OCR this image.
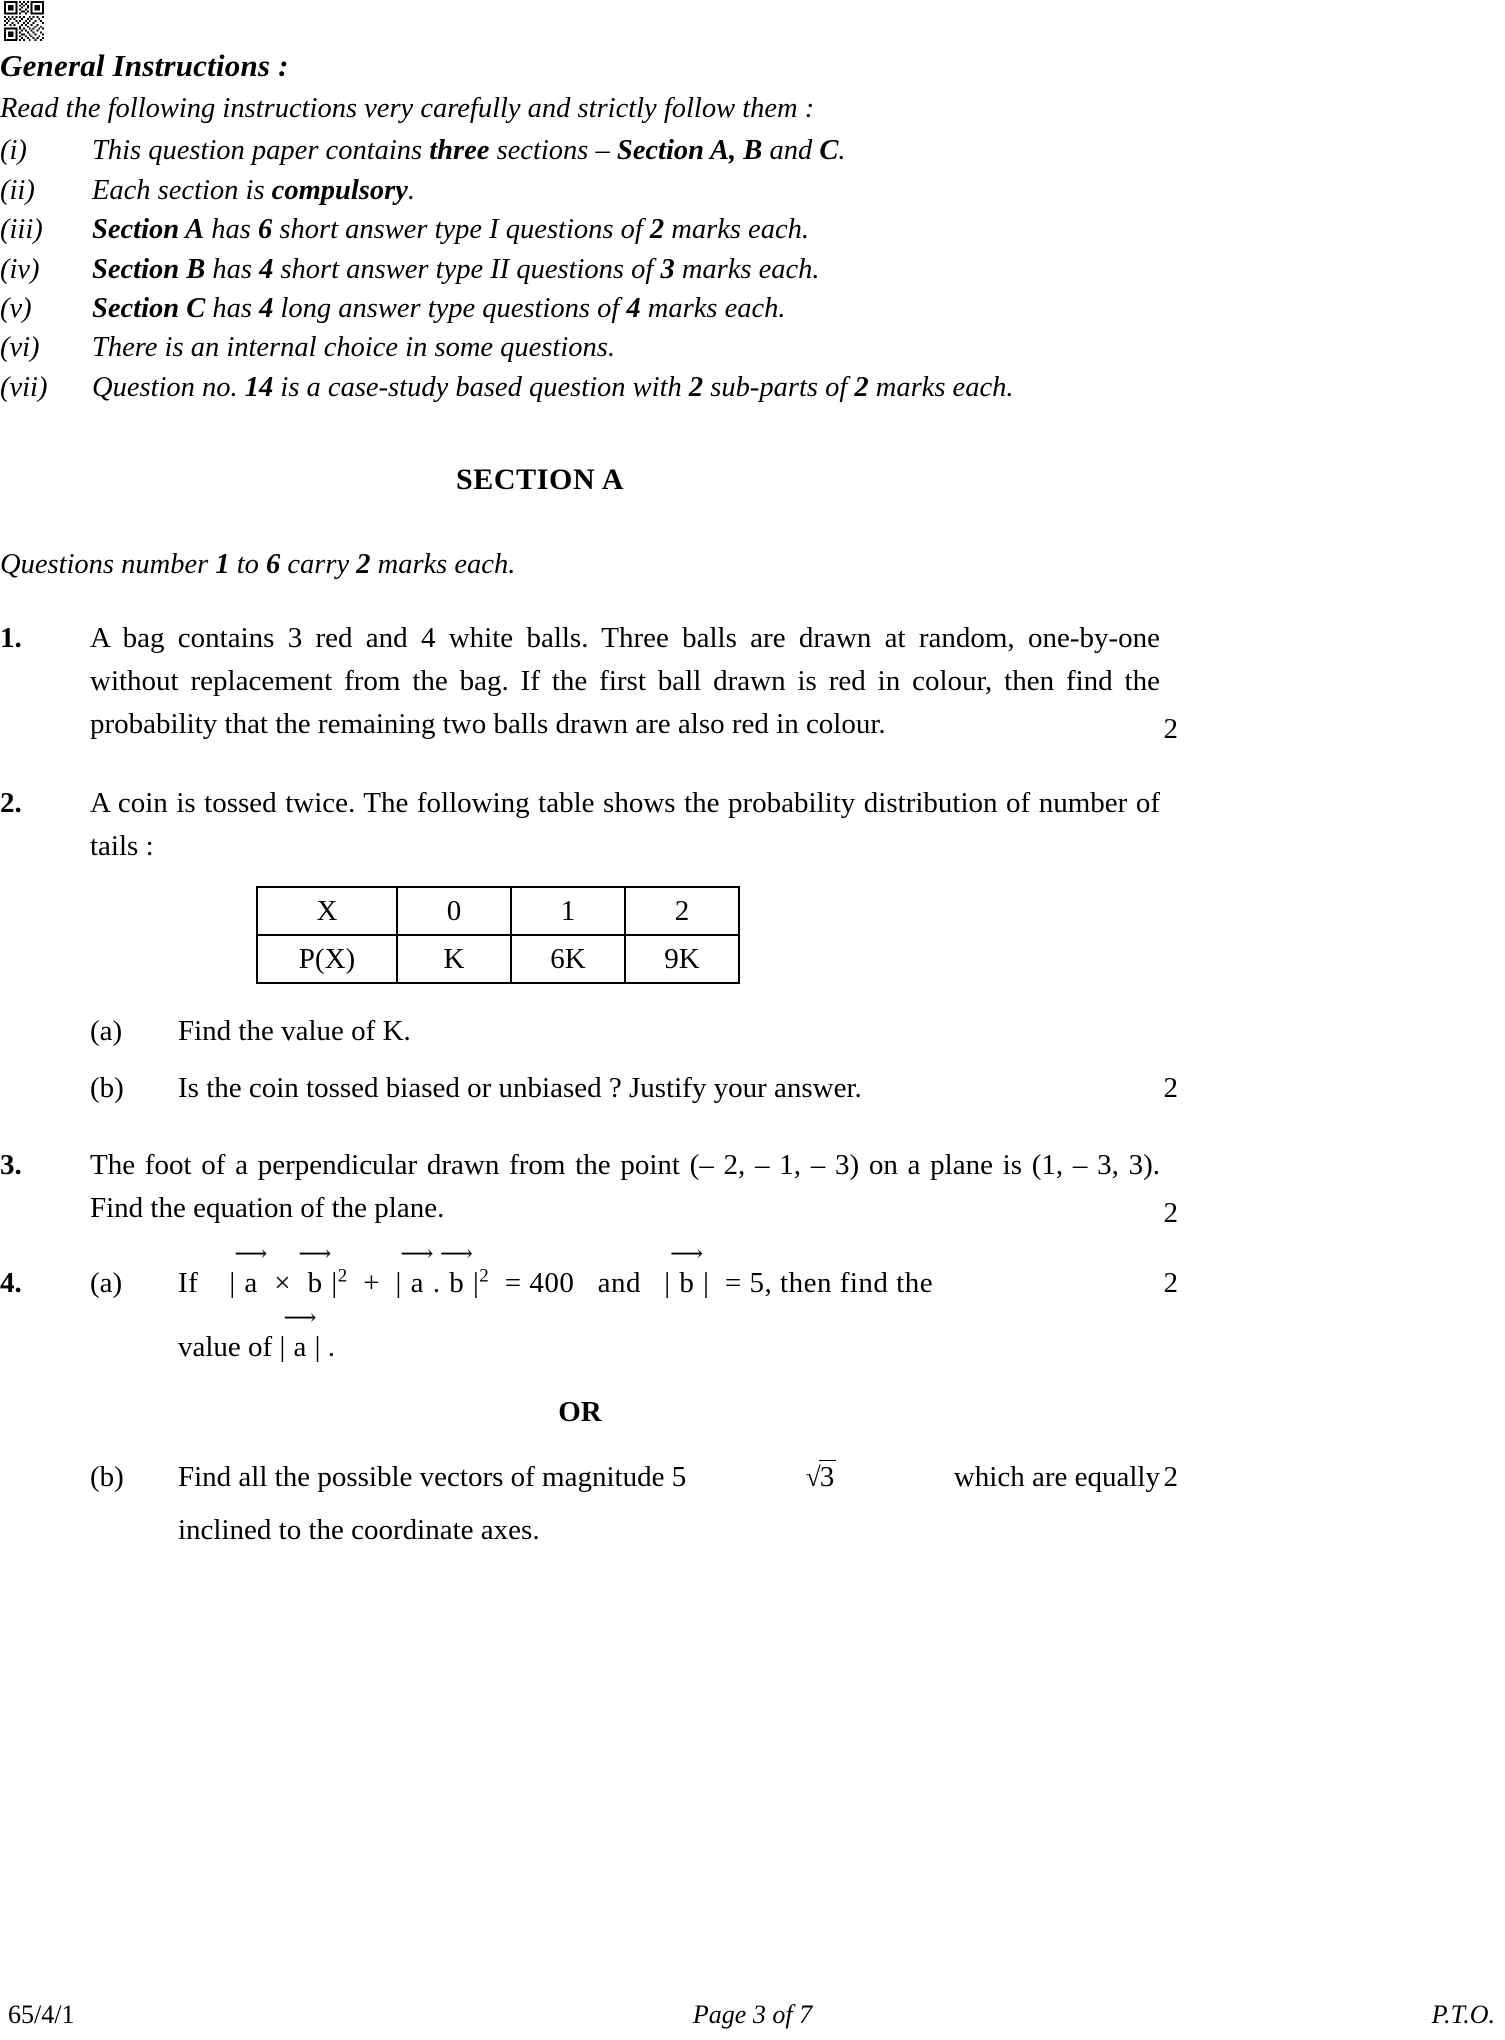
General Instructions :
Read the following instructions very carefully and strictly follow them :
(i)	This question paper contains three sections – Section A, B and C.
(ii)	Each section is compulsory.
(iii)	Section A has 6 short answer type I questions of 2 marks each.
(iv)	Section B has 4 short answer type II questions of 3 marks each.
(v)	Section C has 4 long answer type questions of 4 marks each.
(vi)	There is an internal choice in some questions.
(vii)	Question no. 14 is a case-study based question with 2 sub-parts of 2 marks each.
SECTION A
Questions number 1 to 6 carry 2 marks each.
1.	A bag contains 3 red and 4 white balls. Three balls are drawn at random, one-by-one without replacement from the bag. If the first ball drawn is red in colour, then find the probability that the remaining two balls drawn are also red in colour.	2
2.	A coin is tossed twice. The following table shows the probability distribution of number of tails :
X	0	1	2
P(X)	K	6K	9K
(a)	Find the value of K.
(b)	Is the coin tossed biased or unbiased ? Justify your answer.	2
3.	The foot of a perpendicular drawn from the point (– 2, – 1, – 3) on a plane is (1, – 3, 3). Find the equation of the plane.	2
4.	(a)	If |
⟶
a ×
⟶
b $|^2$ + |
⟶
a .
⟶
b $|^2 = 400$ and |
⟶
b | = 5, then find the
value of |
⟶
a | .
2
OR
(b)	Find all the possible vectors of magnitude 5	√3	which are equally
inclined to the coordinate axes.
2
65/4/1	Page 3 of 7	P.T.O.
